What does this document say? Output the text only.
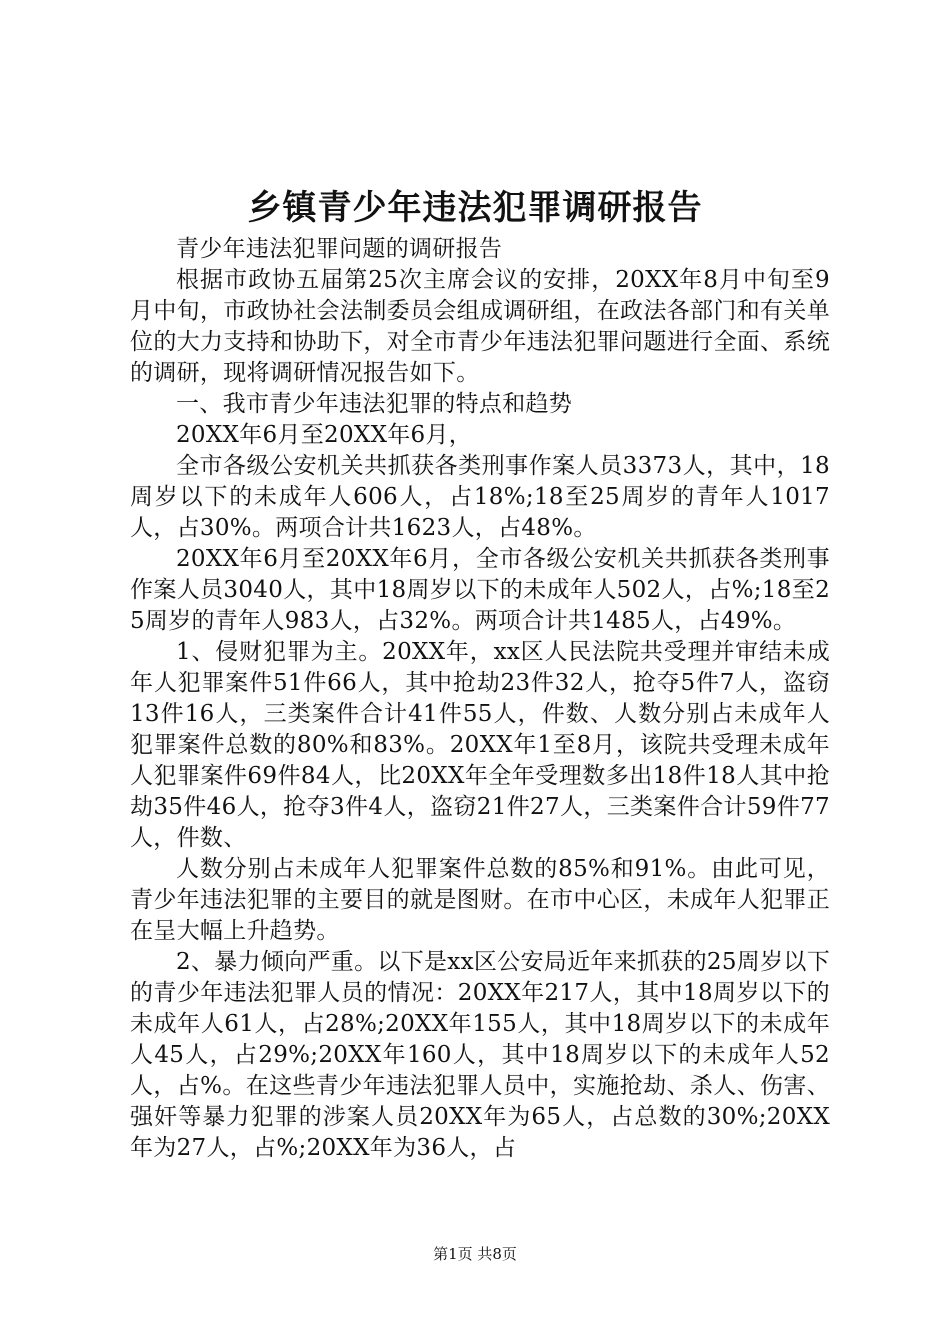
乡镇青少年违法犯罪调研报告

青少年违法犯罪问题的调研报告

根据市政协五届第25次主席会议的安排，20XX年8月中旬至9月中旬，市政协社会法制委员会组成调研组，在政法各部门和有关单位的大力支持和协助下，对全市青少年违法犯罪问题进行全面、系统的调研，现将调研情况报告如下。

一、我市青少年违法犯罪的特点和趋势

20XX年6月至20XX年6月，

全市各级公安机关共抓获各类刑事作案人员3373人，其中，18周岁以下的未成年人606人，占18%;18至25周岁的青年人1017人，占30%。两项合计共1623人，占48%。

20XX年6月至20XX年6月，全市各级公安机关共抓获各类刑事作案人员3040人，其中18周岁以下的未成年人502人，占%;18至25周岁的青年人983人，占32%。两项合计共1485人，占49%。

1、侵财犯罪为主。20XX年，xx区人民法院共受理并审结未成年人犯罪案件51件66人，其中抢劫23件32人，抢夺5件7人，盗窃13件16人，三类案件合计41件55人，件数、人数分别占未成年人犯罪案件总数的80%和83%。20XX年1至8月，该院共受理未成年人犯罪案件69件84人，比20XX年全年受理数多出18件18人其中抢劫35件46人，抢夺3件4人，盗窃21件27人，三类案件合计59件77人，件数、

人数分别占未成年人犯罪案件总数的85%和91%。由此可见，青少年违法犯罪的主要目的就是图财。在市中心区，未成年人犯罪正在呈大幅上升趋势。

2、暴力倾向严重。以下是xx区公安局近年来抓获的25周岁以下的青少年违法犯罪人员的情况：20XX年217人，其中18周岁以下的未成年人61人，占28%;20XX年155人，其中18周岁以下的未成年人45人，占29%;20XX年160人，其中18周岁以下的未成年人52人，占%。在这些青少年违法犯罪人员中，实施抢劫、杀人、伤害、强奸等暴力犯罪的涉案人员20XX年为65人，占总数的30%;20XX年为27人，占%;20XX年为36人，占

第1页 共8页
